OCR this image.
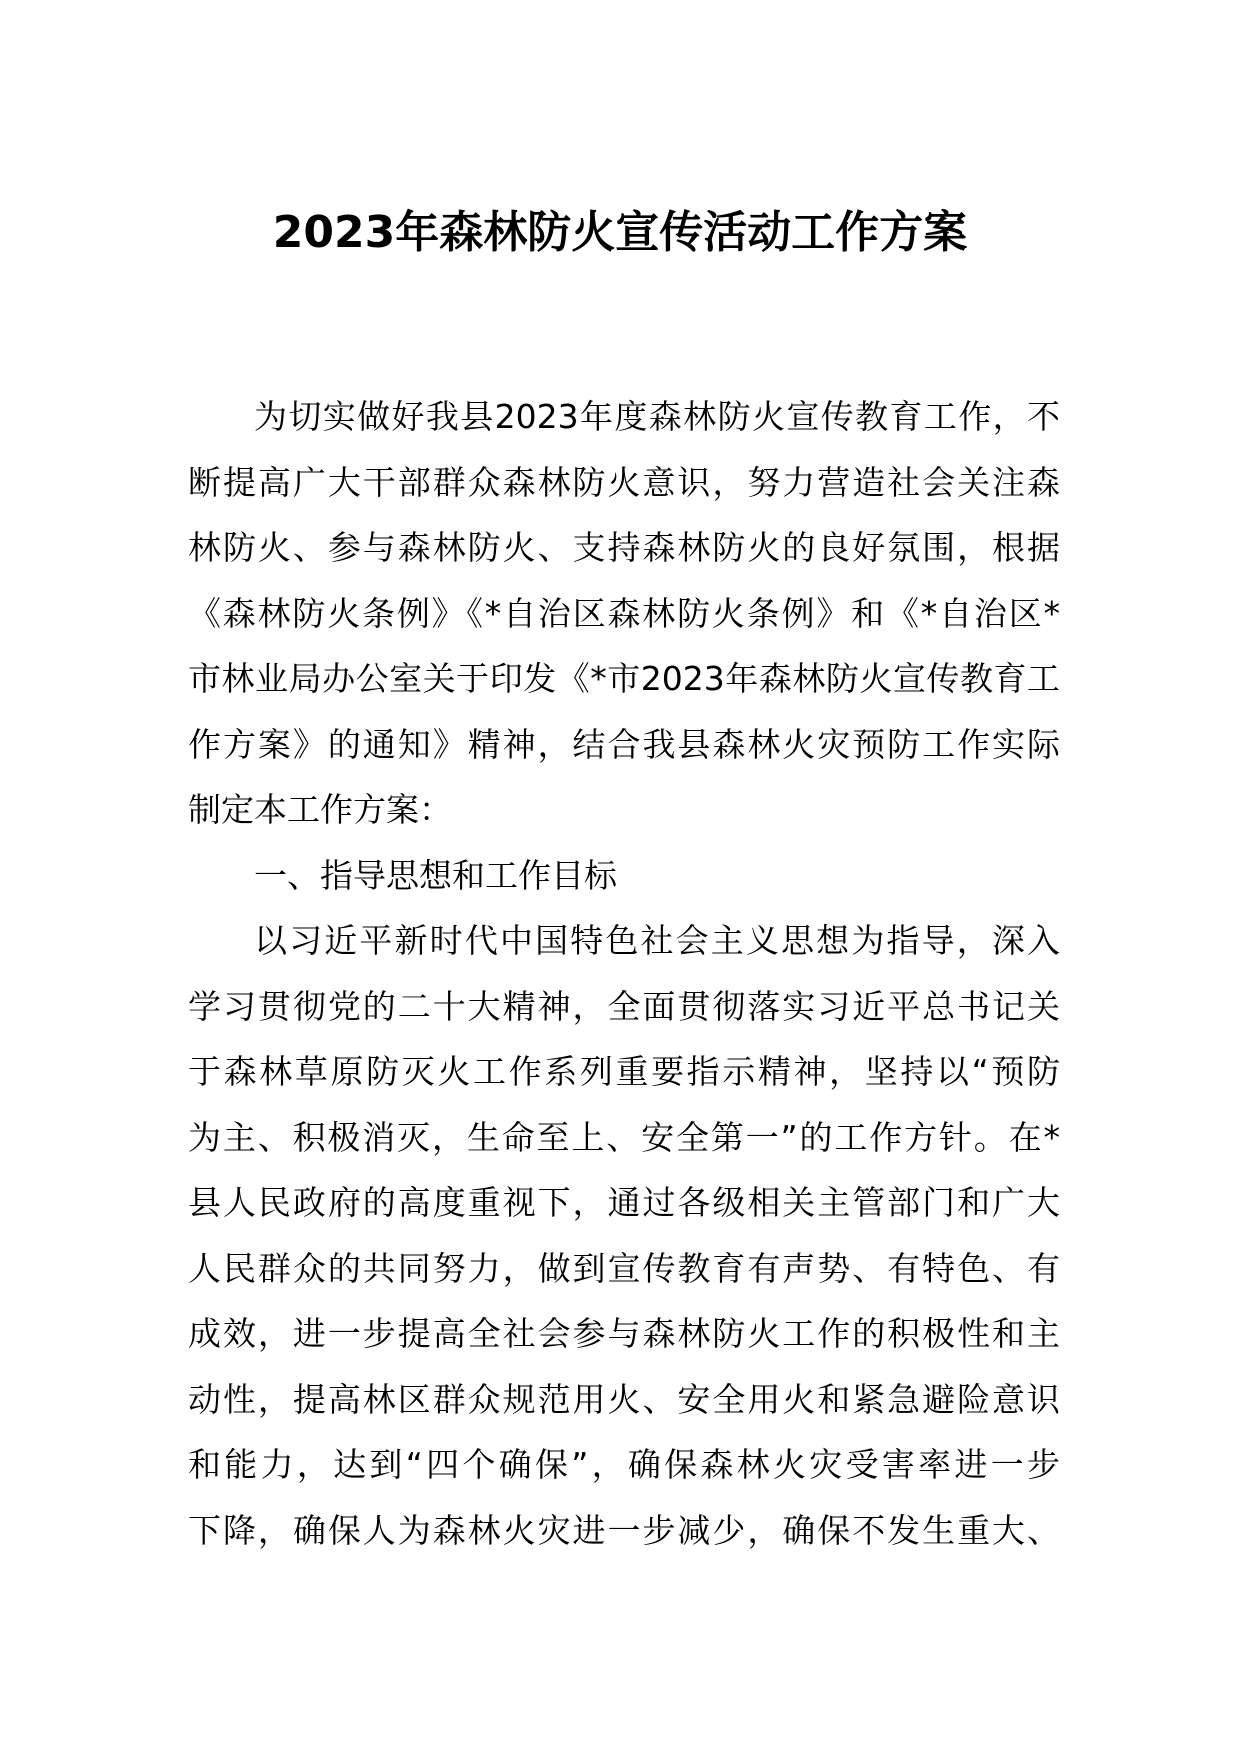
2023年森林防火宣传活动工作方案
为切实做好我县2023年度森林防火宣传教育工作，不
断提高广大干部群众森林防火意识，努力营造社会关注森
林防火、参与森林防火、支持森林防火的良好氛围，根据
《森林防火条例》《*自治区森林防火条例》和《*自治区*
市林业局办公室关于印发《*市2023年森林防火宣传教育工
作方案》的通知》精神，结合我县森林火灾预防工作实际
制定本工作方案：
一、指导思想和工作目标
以习近平新时代中国特色社会主义思想为指导，深入
学习贯彻党的二十大精神，全面贯彻落实习近平总书记关
于森林草原防灭火工作系列重要指示精神，坚持以“预防
为主、积极消灭，生命至上、安全第一”的工作方针。在*
县人民政府的高度重视下，通过各级相关主管部门和广大
人民群众的共同努力，做到宣传教育有声势、有特色、有
成效，进一步提高全社会参与森林防火工作的积极性和主
动性，提高林区群众规范用火、安全用火和紧急避险意识
和能力，达到“四个确保”，确保森林火灾受害率进一步
下降，确保人为森林火灾进一步减少，确保不发生重大、
